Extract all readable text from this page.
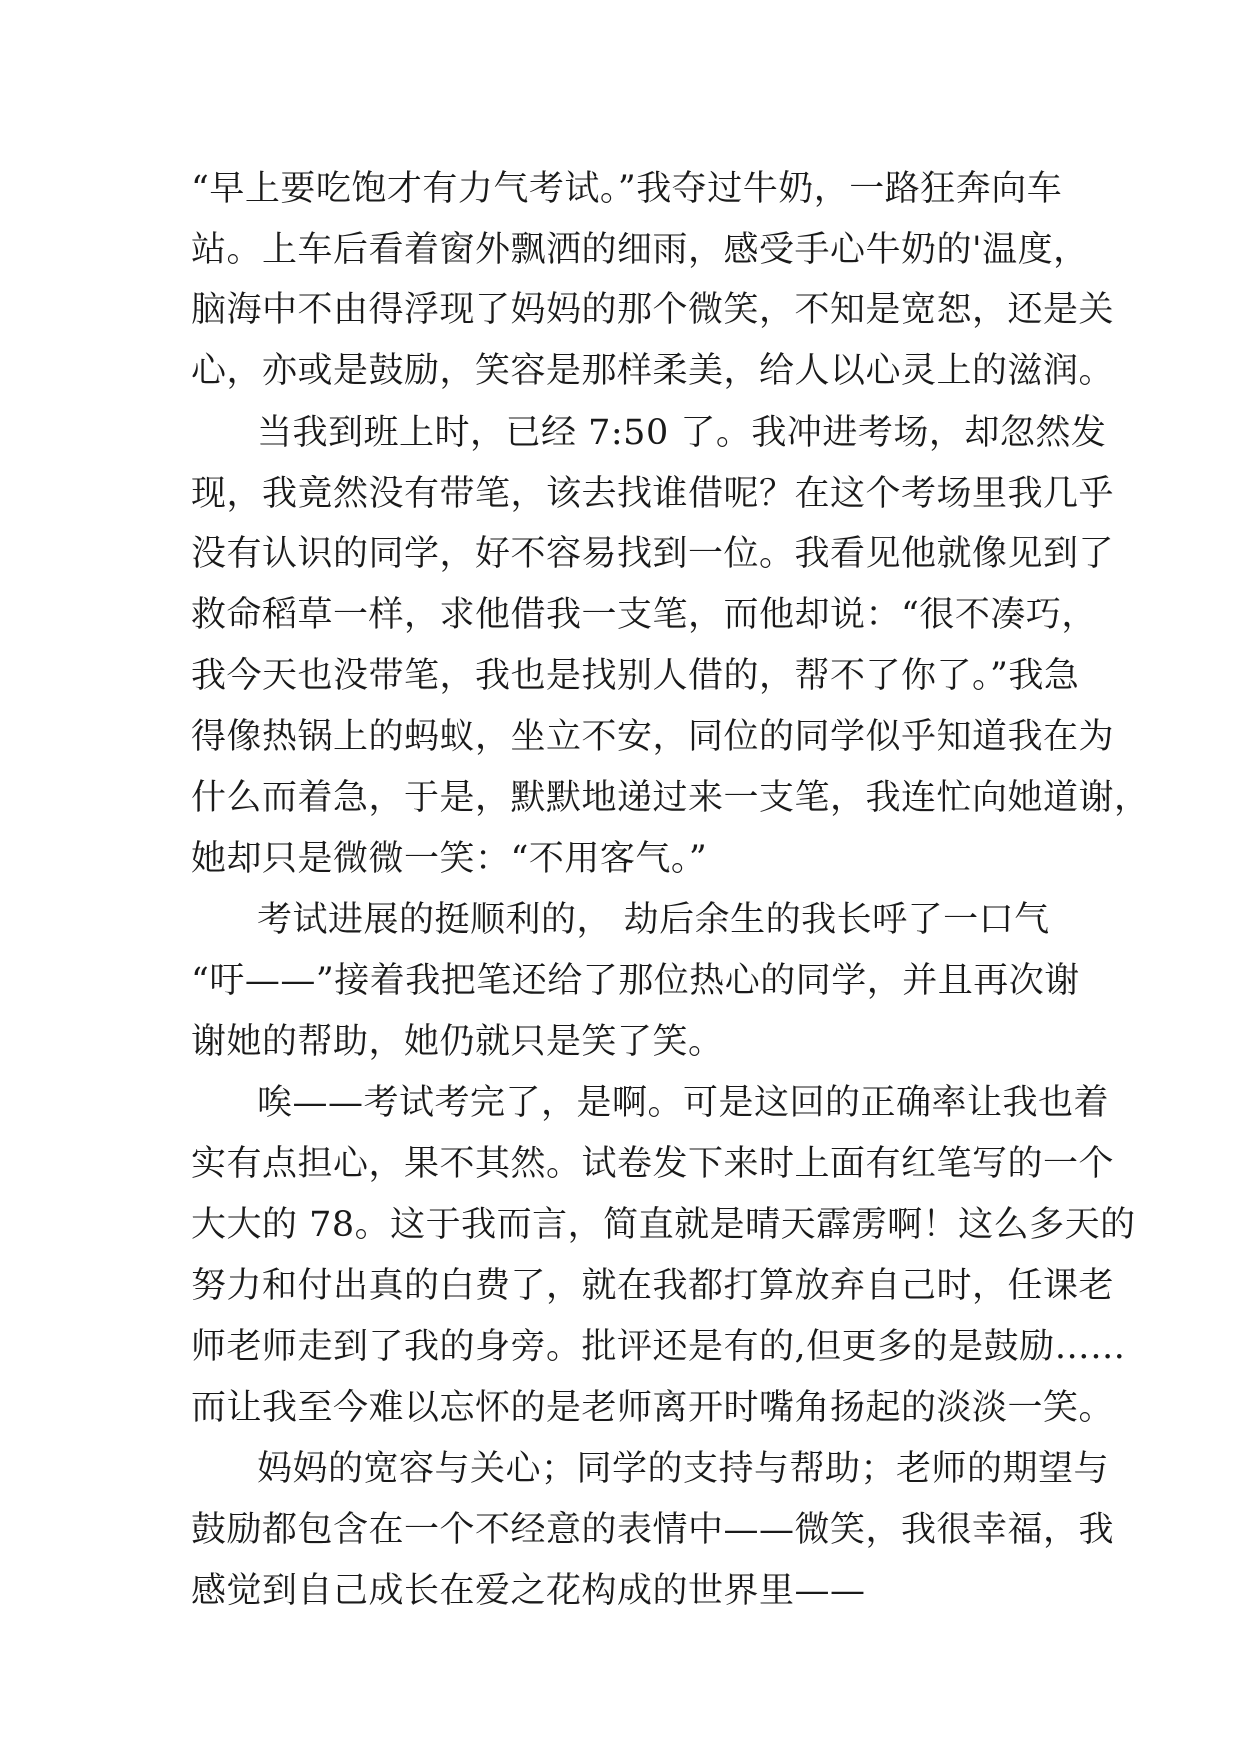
“早上要吃饱才有力气考试。”我夺过牛奶，一路狂奔向车
站。上车后看着窗外飘洒的细雨，感受手心牛奶的'温度，
脑海中不由得浮现了妈妈的那个微笑，不知是宽恕，还是关
心，亦或是鼓励，笑容是那样柔美，给人以心灵上的滋润。
当我到班上时，已经 7:50 了。我冲进考场，却忽然发
现，我竟然没有带笔，该去找谁借呢？在这个考场里我几乎
没有认识的同学，好不容易找到一位。我看见他就像见到了
救命稻草一样，求他借我一支笔，而他却说：“很不凑巧，
我今天也没带笔，我也是找别人借的，帮不了你了。”我急
得像热锅上的蚂蚁，坐立不安，同位的同学似乎知道我在为
什么而着急，于是，默默地递过来一支笔，我连忙向她道谢，
她却只是微微一笑：“不用客气。”
考试进展的挺顺利的， 劫后余生的我长呼了一口气
“吁——”接着我把笔还给了那位热心的同学，并且再次谢
谢她的帮助，她仍就只是笑了笑。
唉——考试考完了，是啊。可是这回的正确率让我也着
实有点担心，果不其然。试卷发下来时上面有红笔写的一个
大大的 78。这于我而言，简直就是晴天霹雳啊！这么多天的
努力和付出真的白费了，就在我都打算放弃自己时，任课老
师老师走到了我的身旁。批评还是有的,但更多的是鼓励……
而让我至今难以忘怀的是老师离开时嘴角扬起的淡淡一笑。
妈妈的宽容与关心；同学的支持与帮助；老师的期望与
鼓励都包含在一个不经意的表情中——微笑，我很幸福，我
感觉到自己成长在爱之花构成的世界里——
